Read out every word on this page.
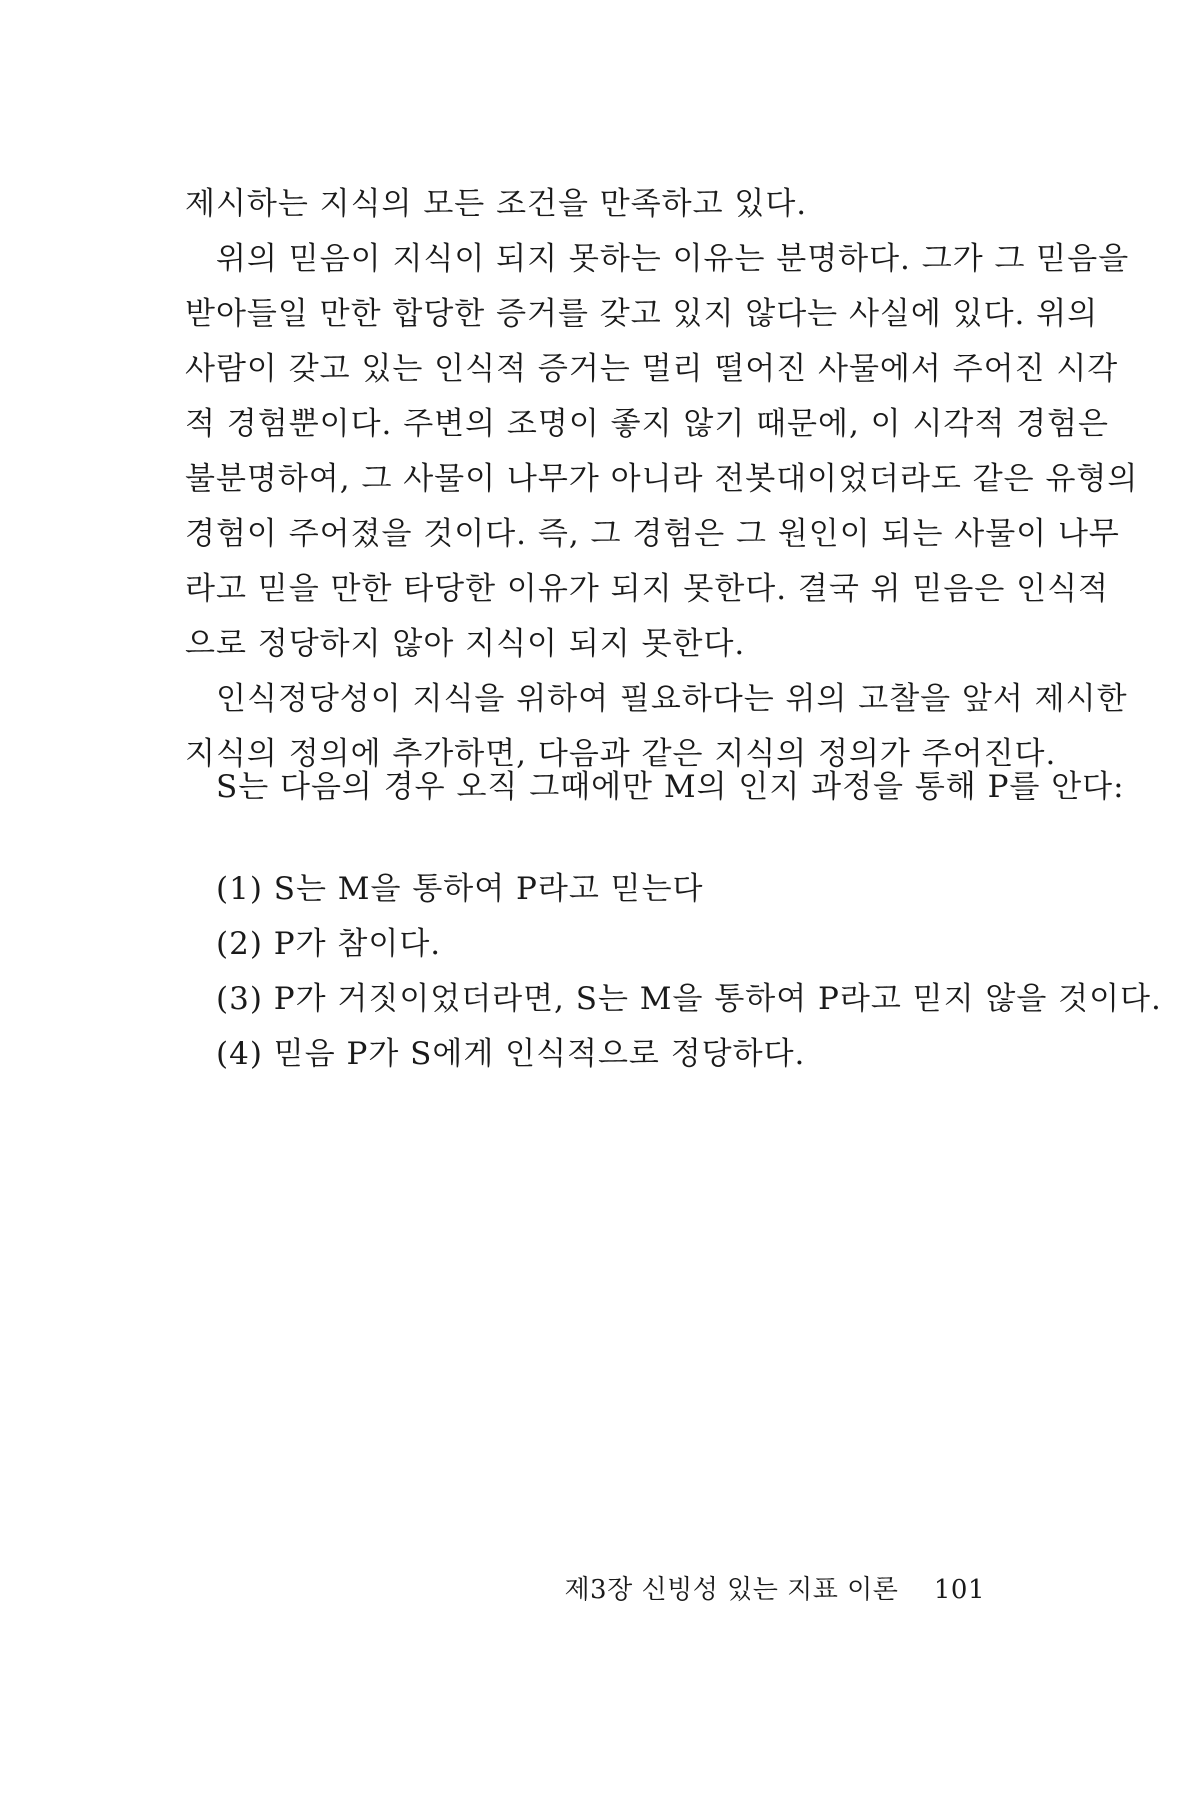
제시하는 지식의 모든 조건을 만족하고 있다.
위의 믿음이 지식이 되지 못하는 이유는 분명하다. 그가 그 믿음을
받아들일 만한 합당한 증거를 갖고 있지 않다는 사실에 있다. 위의
사람이 갖고 있는 인식적 증거는 멀리 떨어진 사물에서 주어진 시각
적 경험뿐이다. 주변의 조명이 좋지 않기 때문에, 이 시각적 경험은
불분명하여, 그 사물이 나무가 아니라 전봇대이었더라도 같은 유형의
경험이 주어졌을 것이다. 즉, 그 경험은 그 원인이 되는 사물이 나무
라고 믿을 만한 타당한 이유가 되지 못한다. 결국 위 믿음은 인식적
으로 정당하지 않아 지식이 되지 못한다.
인식정당성이 지식을 위하여 필요하다는 위의 고찰을 앞서 제시한
지식의 정의에 추가하면, 다음과 같은 지식의 정의가 주어진다.
S는 다음의 경우 오직 그때에만 M의 인지 과정을 통해 P를 안다:
(1) S는 M을 통하여 P라고 믿는다
(2) P가 참이다.
(3) P가 거짓이었더라면, S는 M을 통하여 P라고 믿지 않을 것이다.
(4) 믿음 P가 S에게 인식적으로 정당하다.
제3장 신빙성 있는 지표 이론 101
